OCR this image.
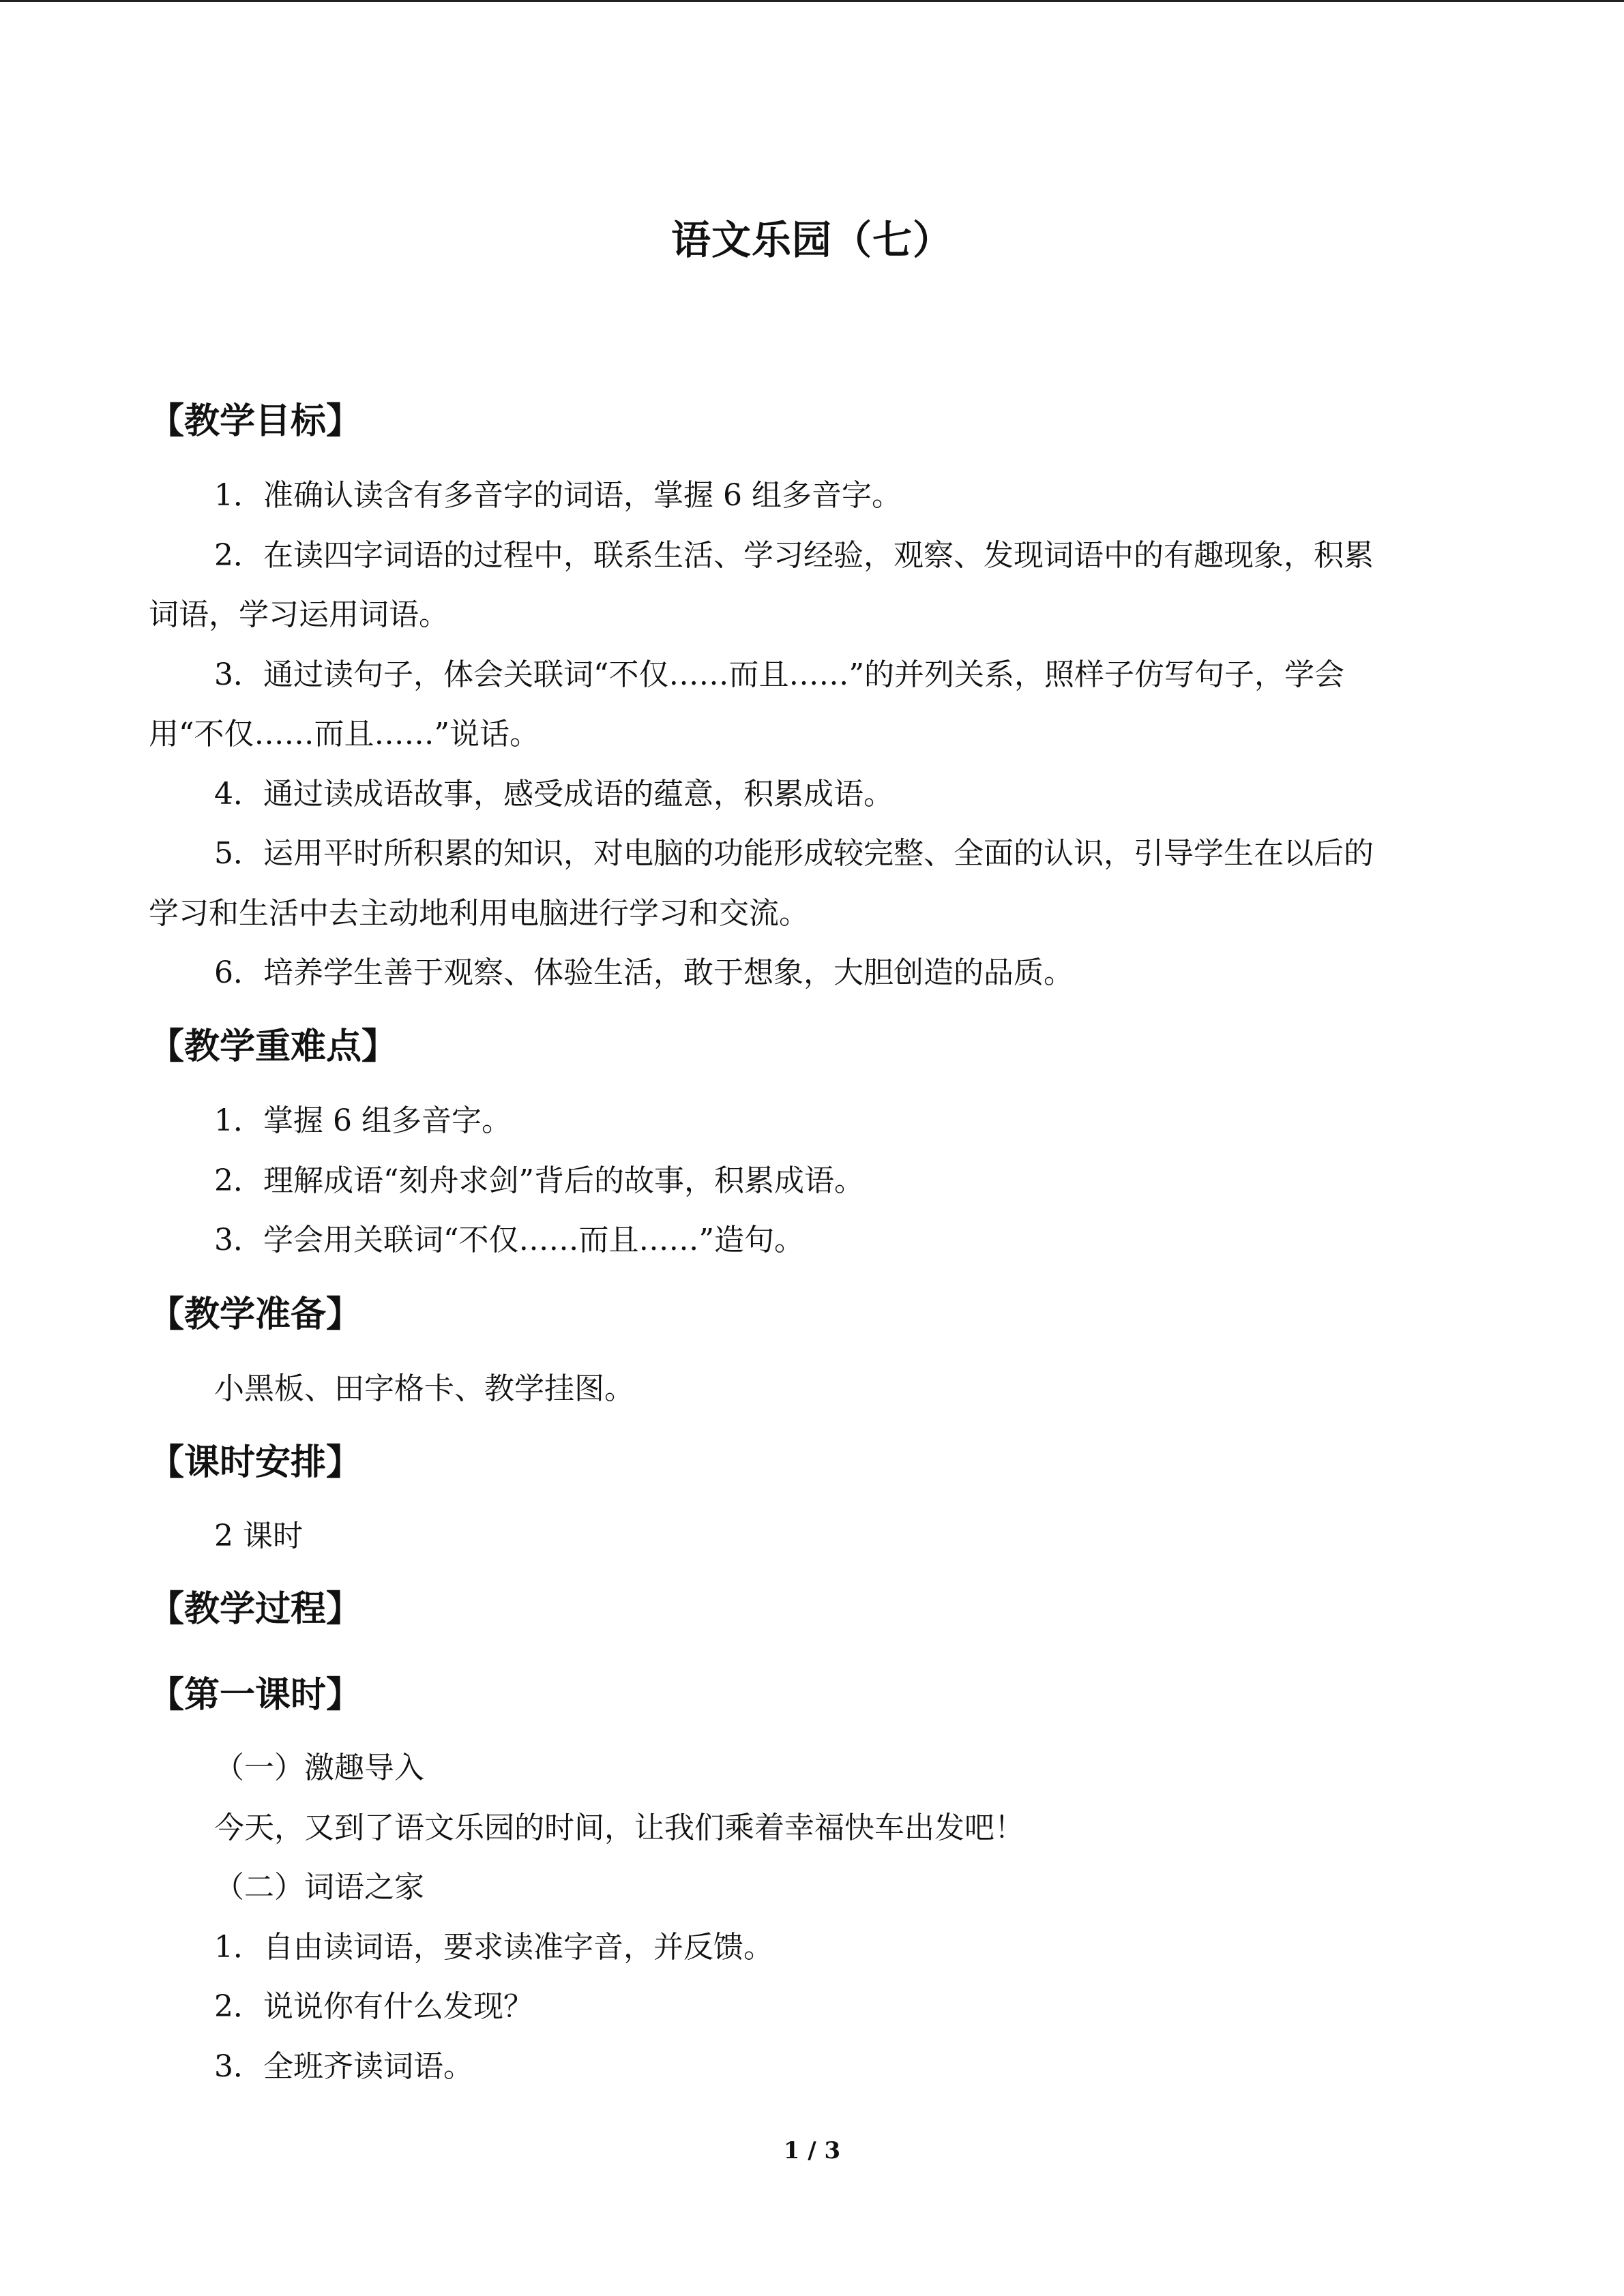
语文乐园（七）
【教学目标】
1．准确认读含有多音字的词语，掌握 6 组多音字。
2．在读四字词语的过程中，联系生活、学习经验，观察、发现词语中的有趣现象，积累
词语，学习运用词语。
3．通过读句子，体会关联词“不仅……而且……”的并列关系，照样子仿写句子，学会
用“不仅……而且……”说话。
4．通过读成语故事，感受成语的蕴意，积累成语。
5．运用平时所积累的知识，对电脑的功能形成较完整、全面的认识，引导学生在以后的
学习和生活中去主动地利用电脑进行学习和交流。
6．培养学生善于观察、体验生活，敢于想象，大胆创造的品质。
【教学重难点】
1．掌握 6 组多音字。
2．理解成语“刻舟求剑”背后的故事，积累成语。
3．学会用关联词“不仅……而且……”造句。
【教学准备】
小黑板、田字格卡、教学挂图。
【课时安排】
2 课时
【教学过程】
【第一课时】
（一）激趣导入
今天，又到了语文乐园的时间，让我们乘着幸福快车出发吧！
（二）词语之家
1．自由读词语，要求读准字音，并反馈。
2．说说你有什么发现？
3．全班齐读词语。
1 / 3
